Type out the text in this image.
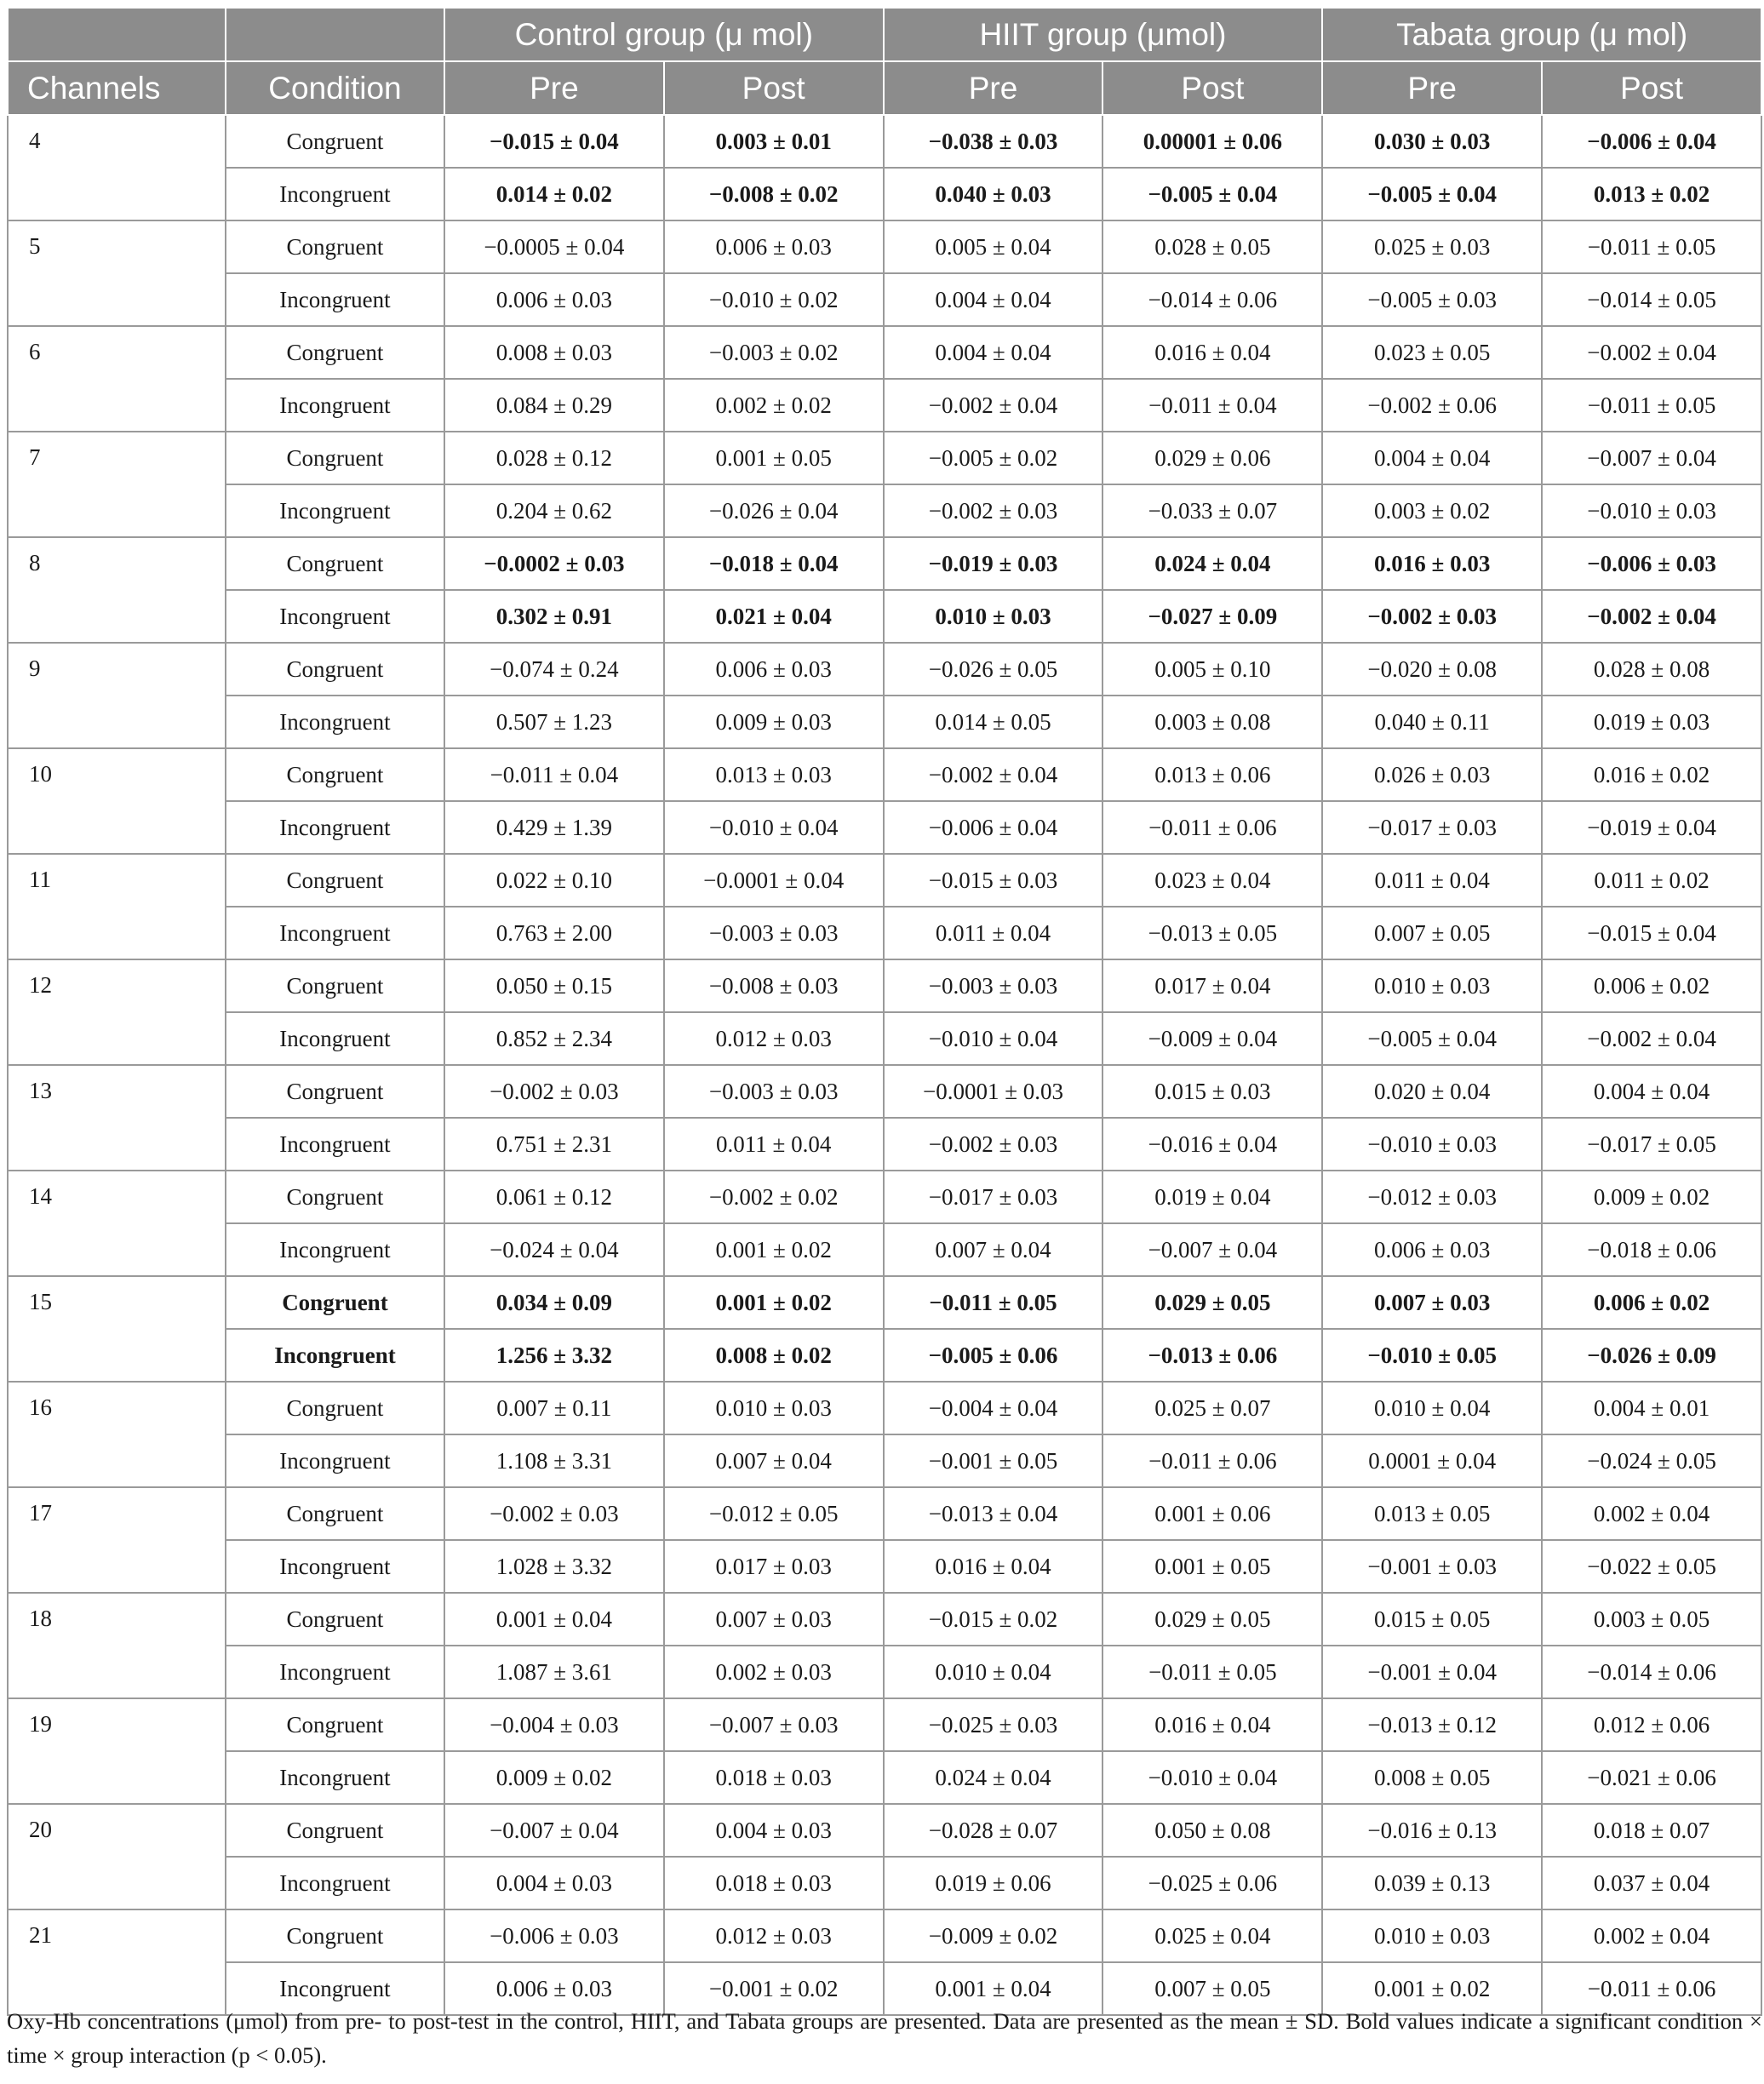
		Control group (μ mol)		HIIT group (μmol)		Tabata group (μ mol)	
Channels	Condition	Pre	Post	Pre	Post	Pre	Post
4	Congruent	−0.015 ± 0.04	0.003 ± 0.01	−0.038 ± 0.03	0.00001 ± 0.06	0.030 ± 0.03	−0.006 ± 0.04
	Incongruent	0.014 ± 0.02	−0.008 ± 0.02	0.040 ± 0.03	−0.005 ± 0.04	−0.005 ± 0.04	0.013 ± 0.02
5	Congruent	−0.0005 ± 0.04	0.006 ± 0.03	0.005 ± 0.04	0.028 ± 0.05	0.025 ± 0.03	−0.011 ± 0.05
	Incongruent	0.006 ± 0.03	−0.010 ± 0.02	0.004 ± 0.04	−0.014 ± 0.06	−0.005 ± 0.03	−0.014 ± 0.05
6	Congruent	0.008 ± 0.03	−0.003 ± 0.02	0.004 ± 0.04	0.016 ± 0.04	0.023 ± 0.05	−0.002 ± 0.04
	Incongruent	0.084 ± 0.29	0.002 ± 0.02	−0.002 ± 0.04	−0.011 ± 0.04	−0.002 ± 0.06	−0.011 ± 0.05
7	Congruent	0.028 ± 0.12	0.001 ± 0.05	−0.005 ± 0.02	0.029 ± 0.06	0.004 ± 0.04	−0.007 ± 0.04
	Incongruent	0.204 ± 0.62	−0.026 ± 0.04	−0.002 ± 0.03	−0.033 ± 0.07	0.003 ± 0.02	−0.010 ± 0.03
8	Congruent	−0.0002 ± 0.03	−0.018 ± 0.04	−0.019 ± 0.03	0.024 ± 0.04	0.016 ± 0.03	−0.006 ± 0.03
	Incongruent	0.302 ± 0.91	0.021 ± 0.04	0.010 ± 0.03	−0.027 ± 0.09	−0.002 ± 0.03	−0.002 ± 0.04
9	Congruent	−0.074 ± 0.24	0.006 ± 0.03	−0.026 ± 0.05	0.005 ± 0.10	−0.020 ± 0.08	0.028 ± 0.08
	Incongruent	0.507 ± 1.23	0.009 ± 0.03	0.014 ± 0.05	0.003 ± 0.08	0.040 ± 0.11	0.019 ± 0.03
10	Congruent	−0.011 ± 0.04	0.013 ± 0.03	−0.002 ± 0.04	0.013 ± 0.06	0.026 ± 0.03	0.016 ± 0.02
	Incongruent	0.429 ± 1.39	−0.010 ± 0.04	−0.006 ± 0.04	−0.011 ± 0.06	−0.017 ± 0.03	−0.019 ± 0.04
11	Congruent	0.022 ± 0.10	−0.0001 ± 0.04	−0.015 ± 0.03	0.023 ± 0.04	0.011 ± 0.04	0.011 ± 0.02
	Incongruent	0.763 ± 2.00	−0.003 ± 0.03	0.011 ± 0.04	−0.013 ± 0.05	0.007 ± 0.05	−0.015 ± 0.04
12	Congruent	0.050 ± 0.15	−0.008 ± 0.03	−0.003 ± 0.03	0.017 ± 0.04	0.010 ± 0.03	0.006 ± 0.02
	Incongruent	0.852 ± 2.34	0.012 ± 0.03	−0.010 ± 0.04	−0.009 ± 0.04	−0.005 ± 0.04	−0.002 ± 0.04
13	Congruent	−0.002 ± 0.03	−0.003 ± 0.03	−0.0001 ± 0.03	0.015 ± 0.03	0.020 ± 0.04	0.004 ± 0.04
	Incongruent	0.751 ± 2.31	0.011 ± 0.04	−0.002 ± 0.03	−0.016 ± 0.04	−0.010 ± 0.03	−0.017 ± 0.05
14	Congruent	0.061 ± 0.12	−0.002 ± 0.02	−0.017 ± 0.03	0.019 ± 0.04	−0.012 ± 0.03	0.009 ± 0.02
	Incongruent	−0.024 ± 0.04	0.001 ± 0.02	0.007 ± 0.04	−0.007 ± 0.04	0.006 ± 0.03	−0.018 ± 0.06
15	Congruent	0.034 ± 0.09	0.001 ± 0.02	−0.011 ± 0.05	0.029 ± 0.05	0.007 ± 0.03	0.006 ± 0.02
	Incongruent	1.256 ± 3.32	0.008 ± 0.02	−0.005 ± 0.06	−0.013 ± 0.06	−0.010 ± 0.05	−0.026 ± 0.09
16	Congruent	0.007 ± 0.11	0.010 ± 0.03	−0.004 ± 0.04	0.025 ± 0.07	0.010 ± 0.04	0.004 ± 0.01
	Incongruent	1.108 ± 3.31	0.007 ± 0.04	−0.001 ± 0.05	−0.011 ± 0.06	0.0001 ± 0.04	−0.024 ± 0.05
17	Congruent	−0.002 ± 0.03	−0.012 ± 0.05	−0.013 ± 0.04	0.001 ± 0.06	0.013 ± 0.05	0.002 ± 0.04
	Incongruent	1.028 ± 3.32	0.017 ± 0.03	0.016 ± 0.04	0.001 ± 0.05	−0.001 ± 0.03	−0.022 ± 0.05
18	Congruent	0.001 ± 0.04	0.007 ± 0.03	−0.015 ± 0.02	0.029 ± 0.05	0.015 ± 0.05	0.003 ± 0.05
	Incongruent	1.087 ± 3.61	0.002 ± 0.03	0.010 ± 0.04	−0.011 ± 0.05	−0.001 ± 0.04	−0.014 ± 0.06
19	Congruent	−0.004 ± 0.03	−0.007 ± 0.03	−0.025 ± 0.03	0.016 ± 0.04	−0.013 ± 0.12	0.012 ± 0.06
	Incongruent	0.009 ± 0.02	0.018 ± 0.03	0.024 ± 0.04	−0.010 ± 0.04	0.008 ± 0.05	−0.021 ± 0.06
20	Congruent	−0.007 ± 0.04	0.004 ± 0.03	−0.028 ± 0.07	0.050 ± 0.08	−0.016 ± 0.13	0.018 ± 0.07
	Incongruent	0.004 ± 0.03	0.018 ± 0.03	0.019 ± 0.06	−0.025 ± 0.06	0.039 ± 0.13	0.037 ± 0.04
21	Congruent	−0.006 ± 0.03	0.012 ± 0.03	−0.009 ± 0.02	0.025 ± 0.04	0.010 ± 0.03	0.002 ± 0.04
	Incongruent	0.006 ± 0.03	−0.001 ± 0.02	0.001 ± 0.04	0.007 ± 0.05	0.001 ± 0.02	−0.011 ± 0.06
Oxy-Hb concentrations (μmol) from pre- to post-test in the control, HIIT, and Tabata groups are presented. Data are presented as the mean ± SD. Bold values indicate a significant condition × time × group interaction (p < 0.05).
